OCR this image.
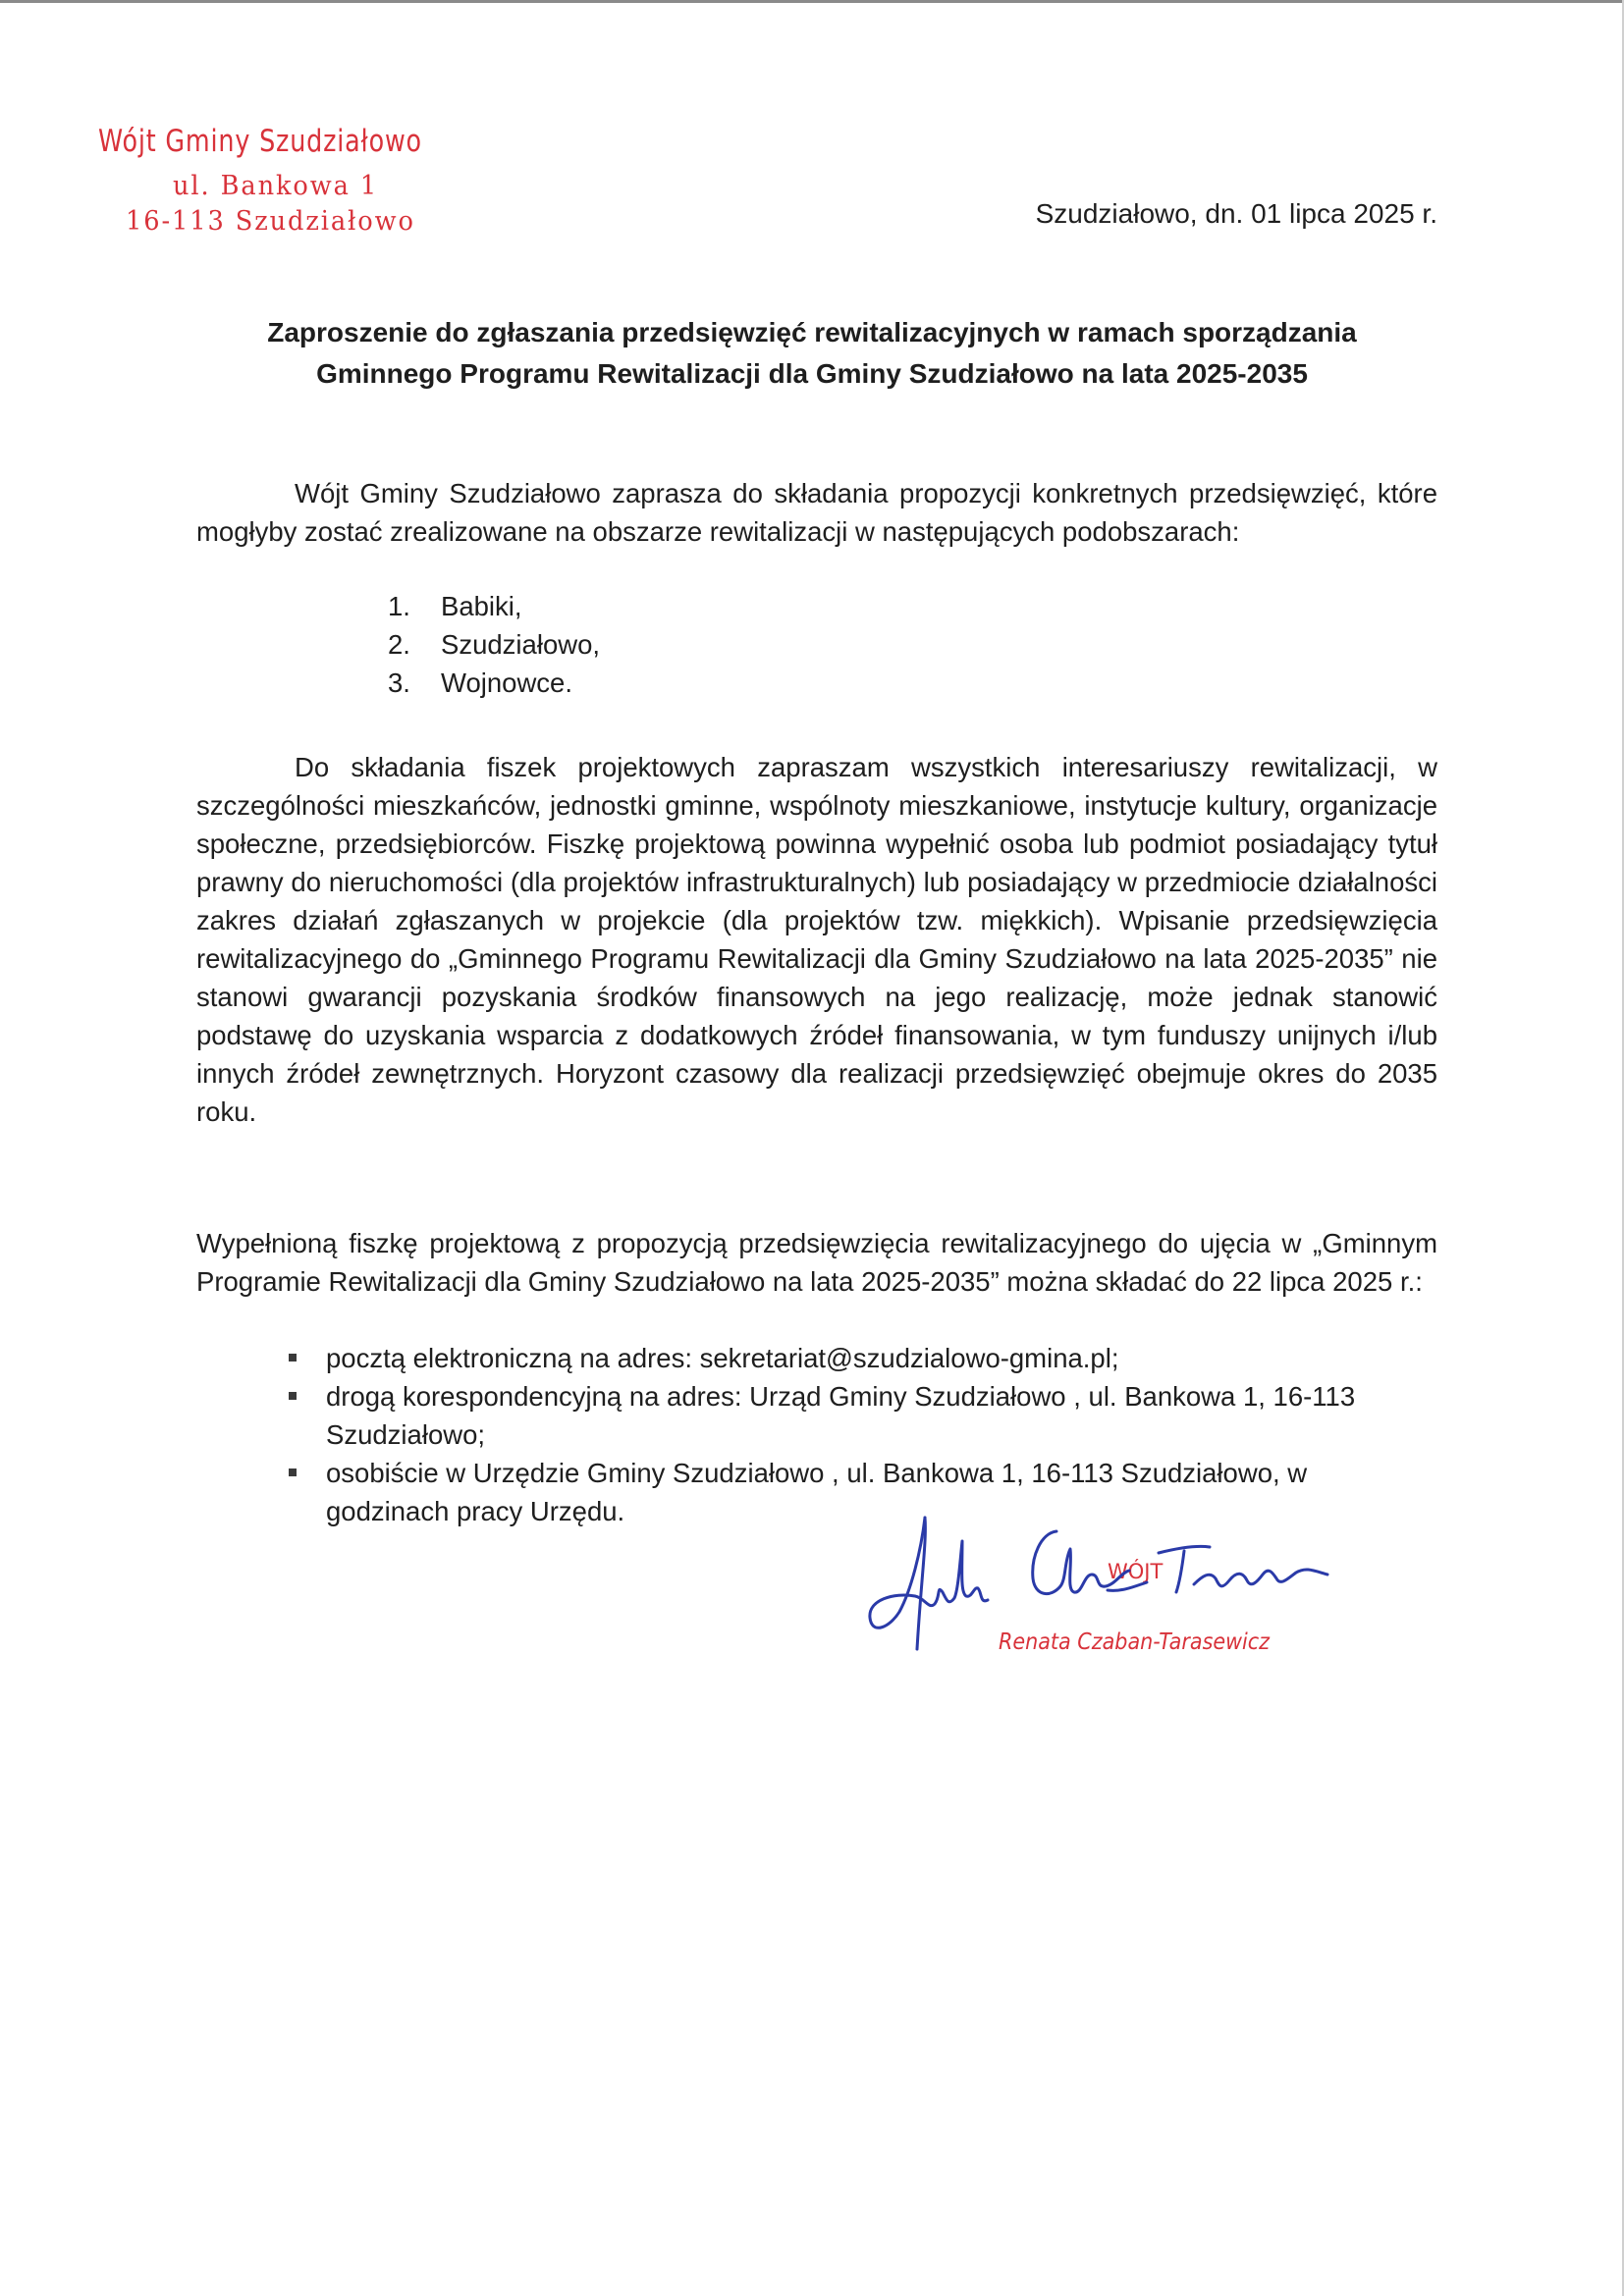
Wójt Gminy Szudziałowo
ul. Bankowa 1
16-113 Szudziałowo	Szudziałowo, dn. 01 lipca 2025 r.
Zaproszenie do zgłaszania przedsięwzięć rewitalizacyjnych w ramach sporządzania
Gminnego Programu Rewitalizacji dla Gminy Szudziałowo na lata 2025-2035

Wójt Gminy Szudziałowo zaprasza do składania propozycji konkretnych przedsięwzięć, które mogłyby zostać zrealizowane na obszarze rewitalizacji w następujących podobszarach:

1.	Babiki,
2.	Szudziałowo,
3.	Wojnowce.

Do składania fiszek projektowych zapraszam wszystkich interesariuszy rewitalizacji, w szczególności mieszkańców, jednostki gminne, wspólnoty mieszkaniowe, instytucje kultury, organizacje społeczne, przedsiębiorców. Fiszkę projektową powinna wypełnić osoba lub podmiot posiadający tytuł prawny do nieruchomości (dla projektów infrastrukturalnych) lub posiadający w przedmiocie działalności zakres działań zgłaszanych w projekcie (dla projektów tzw. miękkich). Wpisanie przedsięwzięcia rewitalizacyjnego do „Gminnego Programu Rewitalizacji dla Gminy Szudziałowo na lata 2025-2035” nie stanowi gwarancji pozyskania środków finansowych na jego realizację, może jednak stanowić podstawę do uzyskania wsparcia z dodatkowych źródeł finansowania, w tym funduszy unijnych i/lub innych źródeł zewnętrznych. Horyzont czasowy dla realizacji przedsięwzięć obejmuje okres do 2035 roku.

Wypełnioną fiszkę projektową z propozycją przedsięwzięcia rewitalizacyjnego do ujęcia w „Gminnym Programie Rewitalizacji dla Gminy Szudziałowo na lata 2025-2035” można składać do 22 lipca 2025 r.:

pocztą elektroniczną na adres: sekretariat@szudzialowo-gmina.pl;
drogą korespondencyjną na adres: Urząd Gminy Szudziałowo , ul. Bankowa 1, 16-113 Szudziałowo;
osobiście w Urzędzie Gminy Szudziałowo , ul. Bankowa 1, 16-113 Szudziałowo, w godzinach pracy Urzędu.
WÓJT
Renata Czaban-Tarasewicz
